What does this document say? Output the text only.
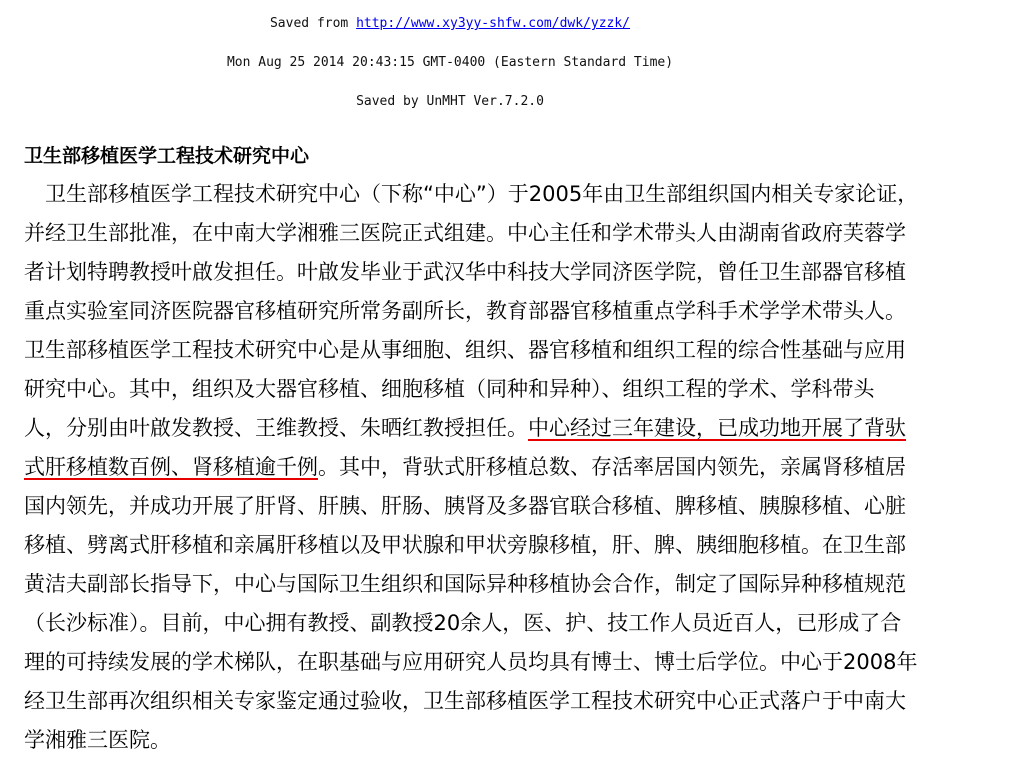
Saved from http://www.xy3yy-shfw.com/dwk/yzzk/
Mon Aug 25 2014 20:43:15 GMT-0400 (Eastern Standard Time)
Saved by UnMHT Ver.7.2.0
卫生部移植医学工程技术研究中心
　卫生部移植医学工程技术研究中心（下称“中心”）于2005年由卫生部组织国内相关专家论证，
并经卫生部批准，在中南大学湘雅三医院正式组建。中心主任和学术带头人由湖南省政府芙蓉学
者计划特聘教授叶啟发担任。叶啟发毕业于武汉华中科技大学同济医学院，曾任卫生部器官移植
重点实验室同济医院器官移植研究所常务副所长，教育部器官移植重点学科手术学学术带头人。
卫生部移植医学工程技术研究中心是从事细胞、组织、器官移植和组织工程的综合性基础与应用
研究中心。其中，组织及大器官移植、细胞移植（同种和异种）、组织工程的学术、学科带头
人，分别由叶啟发教授、王维教授、朱晒红教授担任。中心经过三年建设，已成功地开展了背驮
式肝移植数百例、肾移植逾千例。其中，背驮式肝移植总数、存活率居国内领先，亲属肾移植居
国内领先，并成功开展了肝肾、肝胰、肝肠、胰肾及多器官联合移植、脾移植、胰腺移植、心脏
移植、劈离式肝移植和亲属肝移植以及甲状腺和甲状旁腺移植，肝、脾、胰细胞移植。在卫生部
黄洁夫副部长指导下，中心与国际卫生组织和国际异种移植协会合作，制定了国际异种移植规范
（长沙标准）。目前，中心拥有教授、副教授20余人，医、护、技工作人员近百人，已形成了合
理的可持续发展的学术梯队，在职基础与应用研究人员均具有博士、博士后学位。中心于2008年
经卫生部再次组织相关专家鉴定通过验收，卫生部移植医学工程技术研究中心正式落户于中南大
学湘雅三医院。
